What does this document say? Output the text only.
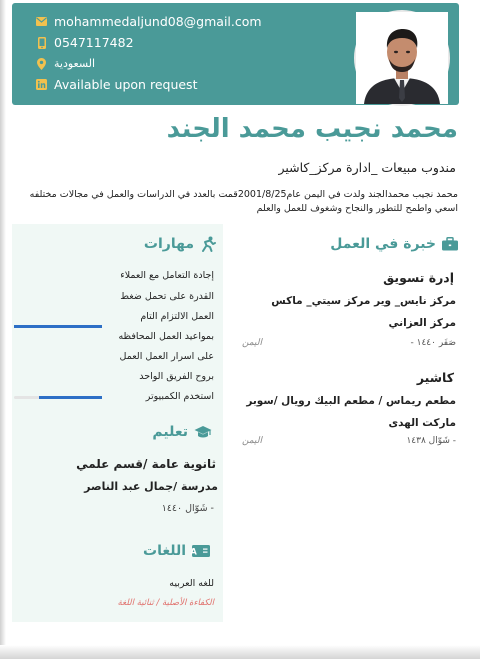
mohammedaljund08@gmail.com
0547117482
السعودية
Available upon request
محمد نجيب محمد الجند
مندوب مبيعات _ادارة مركز_كاشير
محمد نجيب محمدالجند ولدت في اليمن عام2001/8/25قمت بالعدد في الدراسات والعمل في مجالات مختلفه اسعي واطمح للتطور والنجاح وشغوف للعمل والعلم
مهارات
إجادة التعامل مع العملاء
القدرة على تحمل ضغط
العمل الالتزام التام
بمواعيد العمل المحافظه
على اسرار العمل العمل
بروح الفريق الواحد
استخدم الكمبيوتر
تعليم
ثانوية عامة /قسم علمي
مدرسة /جمال عبد الناصر
- شَوّال ١٤٤٠
A
اللغات
للغه العربيه
الكفاءة الأصلية / ثنائية اللغة
خبرة في العمل
إدرة تسويق
مركز نايس_ وير مركز سيتي_ ماكس مركز العزاني
صَفَر ١٤٤٠ -
اليمن
كاشير
مطعم ريماس / مطعم البيك رويال /سوبر ماركت الهدى
- شَوّال ١٤٣٨
اليمن
